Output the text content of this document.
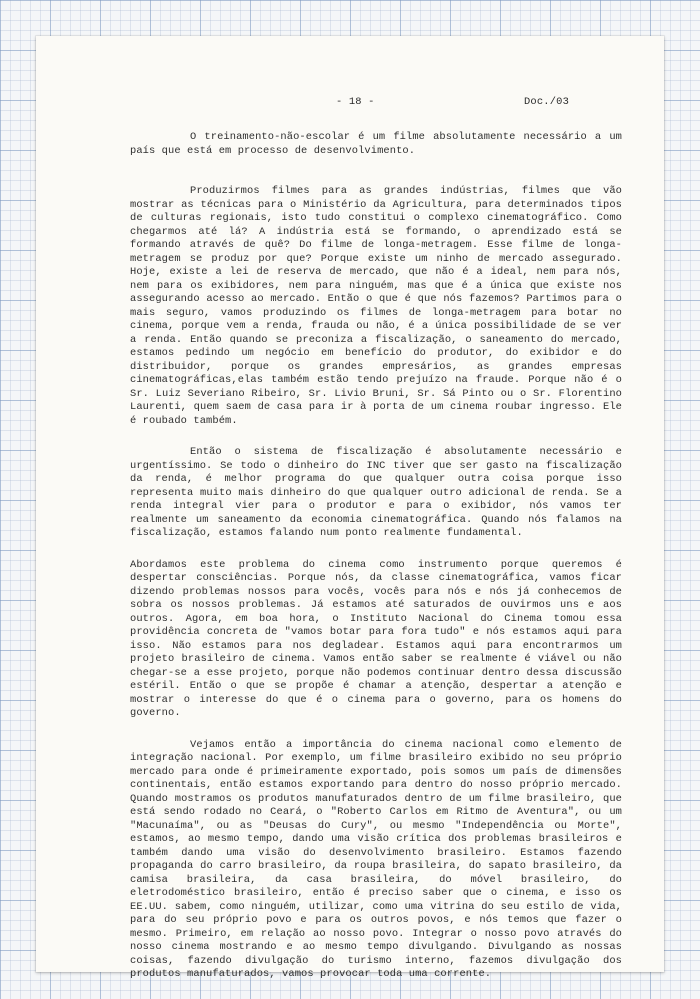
- 18 -	Doc./03

O treinamento-não-escolar é um filme absolutamente necessário a um país que está em processo de desenvolvimento.

Produzirmos filmes para as grandes indústrias, filmes que vão mostrar as técnicas para o Ministério da Agricultura, para determinados tipos de culturas regionais, isto tudo constitui o complexo cinematográfico. Como chegarmos até lá? A indústria está se formando, o aprendizado está se formando através de quê? Do filme de longa-metragem. Esse filme de longa-metragem se produz por que? Porque existe um ninho de mercado assegurado. Hoje, existe a lei de reserva de mercado, que não é a ideal, nem para nós, nem para os exibidores, nem para ninguém, mas que é a única que existe nos assegurando acesso ao mercado. Então o que é que nós fazemos? Partimos para o mais seguro, vamos produzindo os filmes de longa-metragem para botar no cinema, porque vem a renda, frauda ou não, é a única possibilidade de se ver a renda. Então quando se preconiza a fiscalização, o saneamento do mercado, estamos pedindo um negócio em benefício do produtor, do exibidor e do distribuidor, porque os grandes empresários, as grandes empresas cinematográficas,elas também estão tendo prejuízo na fraude. Porque não é o Sr. Luiz Severiano Ribeiro, Sr. Livio Bruni, Sr. Sá Pinto ou o Sr. Florentino Laurenti, quem saem de casa para ir à porta de um cinema roubar ingresso. Ele é roubado também.

Então o sistema de fiscalização é absolutamente necessário e urgentíssimo. Se todo o dinheiro do INC tiver que ser gasto na fiscalização da renda, é melhor programa do que qualquer outra coisa porque isso representa muito mais dinheiro do que qualquer outro adicional de renda. Se a renda integral vier para o produtor e para o exibidor, nós vamos ter realmente um saneamento da economia cinematográfica. Quando nós falamos na fiscalização, estamos falando num ponto realmente fundamental.

Abordamos este problema do cinema como instrumento porque queremos é despertar consciências. Porque nós, da classe cinematográfica, vamos ficar dizendo problemas nossos para vocês, vocês para nós e nós já conhecemos de sobra os nossos problemas. Já estamos até saturados de ouvirmos uns e aos outros. Agora, em boa hora, o Instituto Nacional do Cinema tomou essa providência concreta de "vamos botar para fora tudo" e nós estamos aqui para isso. Não estamos para nos degladear. Estamos aqui para encontrarmos um projeto brasileiro de cinema. Vamos então saber se realmente é viável ou não chegar-se a esse projeto, porque não podemos continuar dentro dessa discussão estéril. Então o que se propõe é chamar a atenção, despertar a atenção e mostrar o interesse do que é o cinema para o governo, para os homens do governo.

Vejamos então a importância do cinema nacional como elemento de integração nacional. Por exemplo, um filme brasileiro exibido no seu próprio mercado para onde é primeiramente exportado, pois somos um país de dimensões continentais, então estamos exportando para dentro do nosso próprio mercado. Quando mostramos os produtos manufaturados dentro de um filme brasileiro, que está sendo rodado no Ceará, o "Roberto Carlos em Ritmo de Aventura", ou um "Macunaíma", ou as "Deusas do Cury", ou mesmo "Independência ou Morte", estamos, ao mesmo tempo, dando uma visão crítica dos problemas brasileiros e também dando uma visão do desenvolvimento brasileiro. Estamos fazendo propaganda do carro brasileiro, da roupa brasileira, do sapato brasileiro, da camisa brasileira, da casa brasileira, do móvel brasileiro, do eletrodoméstico brasileiro, então é preciso saber que o cinema, e isso os EE.UU. sabem, como ninguém, utilizar, como uma vitrina do seu estilo de vida, para do seu próprio povo e para os outros povos, e nós temos que fazer o mesmo. Primeiro, em relação ao nosso povo. Integrar o nosso povo através do nosso cinema mostrando e ao mesmo tempo divulgando. Divulgando as nossas coisas, fazendo divulgação do turismo interno, fazemos divulgação dos produtos manufaturados, vamos provocar toda uma corrente.
